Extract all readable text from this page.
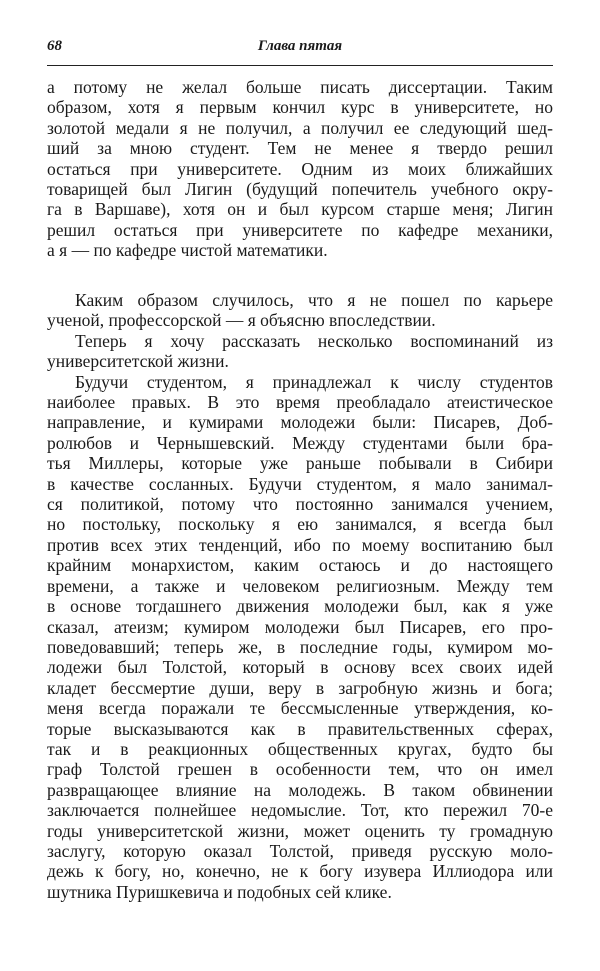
68	Глава пятая
а потому не желал больше писать диссертации. Таким
образом, хотя я первым кончил курс в университете, но
золотой медали я не получил, а получил ее следующий шед-
ший за мною студент. Тем не менее я твердо решил
остаться при университете. Одним из моих ближайших
товарищей был Лигин (будущий попечитель учебного окру-
га в Варшаве), хотя он и был курсом старше меня; Лигин
решил остаться при университете по кафедре механики,
а я — по кафедре чистой математики.
Каким образом случилось, что я не пошел по карьере
ученой, профессорской — я объясню впоследствии.
Теперь я хочу рассказать несколько воспоминаний из
университетской жизни.
Будучи студентом, я принадлежал к числу студентов
наиболее правых. В это время преобладало атеистическое
направление, и кумирами молодежи были: Писарев, Доб-
ролюбов и Чернышевский. Между студентами были бра-
тья Миллеры, которые уже раньше побывали в Сибири
в качестве сосланных. Будучи студентом, я мало занимал-
ся политикой, потому что постоянно занимался учением,
но постольку, поскольку я ею занимался, я всегда был
против всех этих тенденций, ибо по моему воспитанию был
крайним монархистом, каким остаюсь и до настоящего
времени, а также и человеком религиозным. Между тем
в основе тогдашнего движения молодежи был, как я уже
сказал, атеизм; кумиром молодежи был Писарев, его про-
поведовавший; теперь же, в последние годы, кумиром мо-
лодежи был Толстой, который в основу всех своих идей
кладет бессмертие души, веру в загробную жизнь и бога;
меня всегда поражали те бессмысленные утверждения, ко-
торые высказываются как в правительственных сферах,
так и в реакционных общественных кругах, будто бы
граф Толстой грешен в особенности тем, что он имел
развращающее влияние на молодежь. В таком обвинении
заключается полнейшее недомыслие. Тот, кто пережил 70-е
годы университетской жизни, может оценить ту громадную
заслугу, которую оказал Толстой, приведя русскую моло-
дежь к богу, но, конечно, не к богу изувера Иллиодора или
шутника Пуришкевича и подобных сей клике.
